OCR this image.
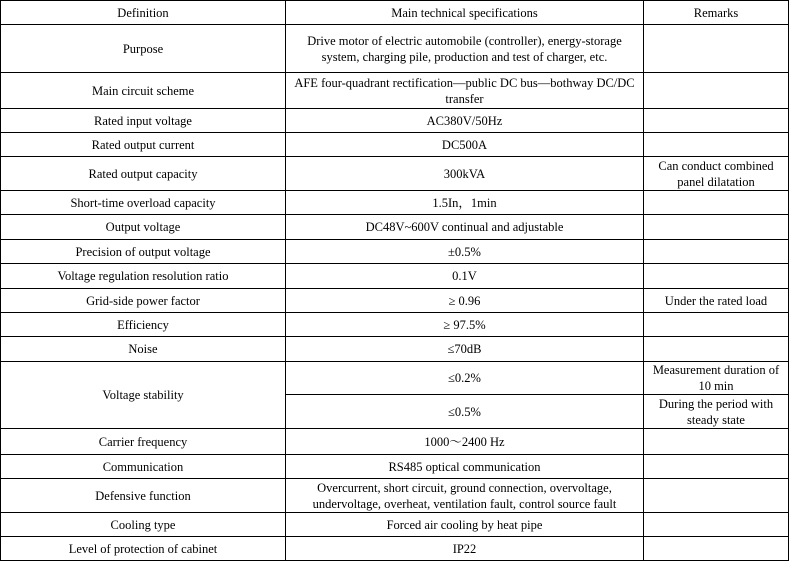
Definition	Main technical specifications	Remarks
Purpose	Drive motor of electric automobile (controller), energy-storage system, charging pile, production and test of charger, etc.	
Main circuit scheme	AFE four-quadrant rectification—public DC bus—bothway DC/DC transfer	
Rated input voltage	AC380V/50Hz	
Rated output current	DC500A	
Rated output capacity	300kVA	Can conduct combined panel dilatation
Short-time overload capacity	1.5In，1min	
Output voltage	DC48V~600V continual and adjustable	
Precision of output voltage	±0.5%	
Voltage regulation resolution ratio	0.1V	
Grid-side power factor	≥ 0.96	Under the rated load
Efficiency	≥ 97.5%	
Noise	≤70dB	
Voltage stability	≤0.2%	Measurement duration of 10 min
	≤0.5%	During the period with steady state
Carrier frequency	1000～2400 Hz	
Communication	RS485 optical communication	
Defensive function	Overcurrent, short circuit, ground connection, overvoltage, undervoltage, overheat, ventilation fault, control source fault	
Cooling type	Forced air cooling by heat pipe	
Level of protection of cabinet	IP22	
